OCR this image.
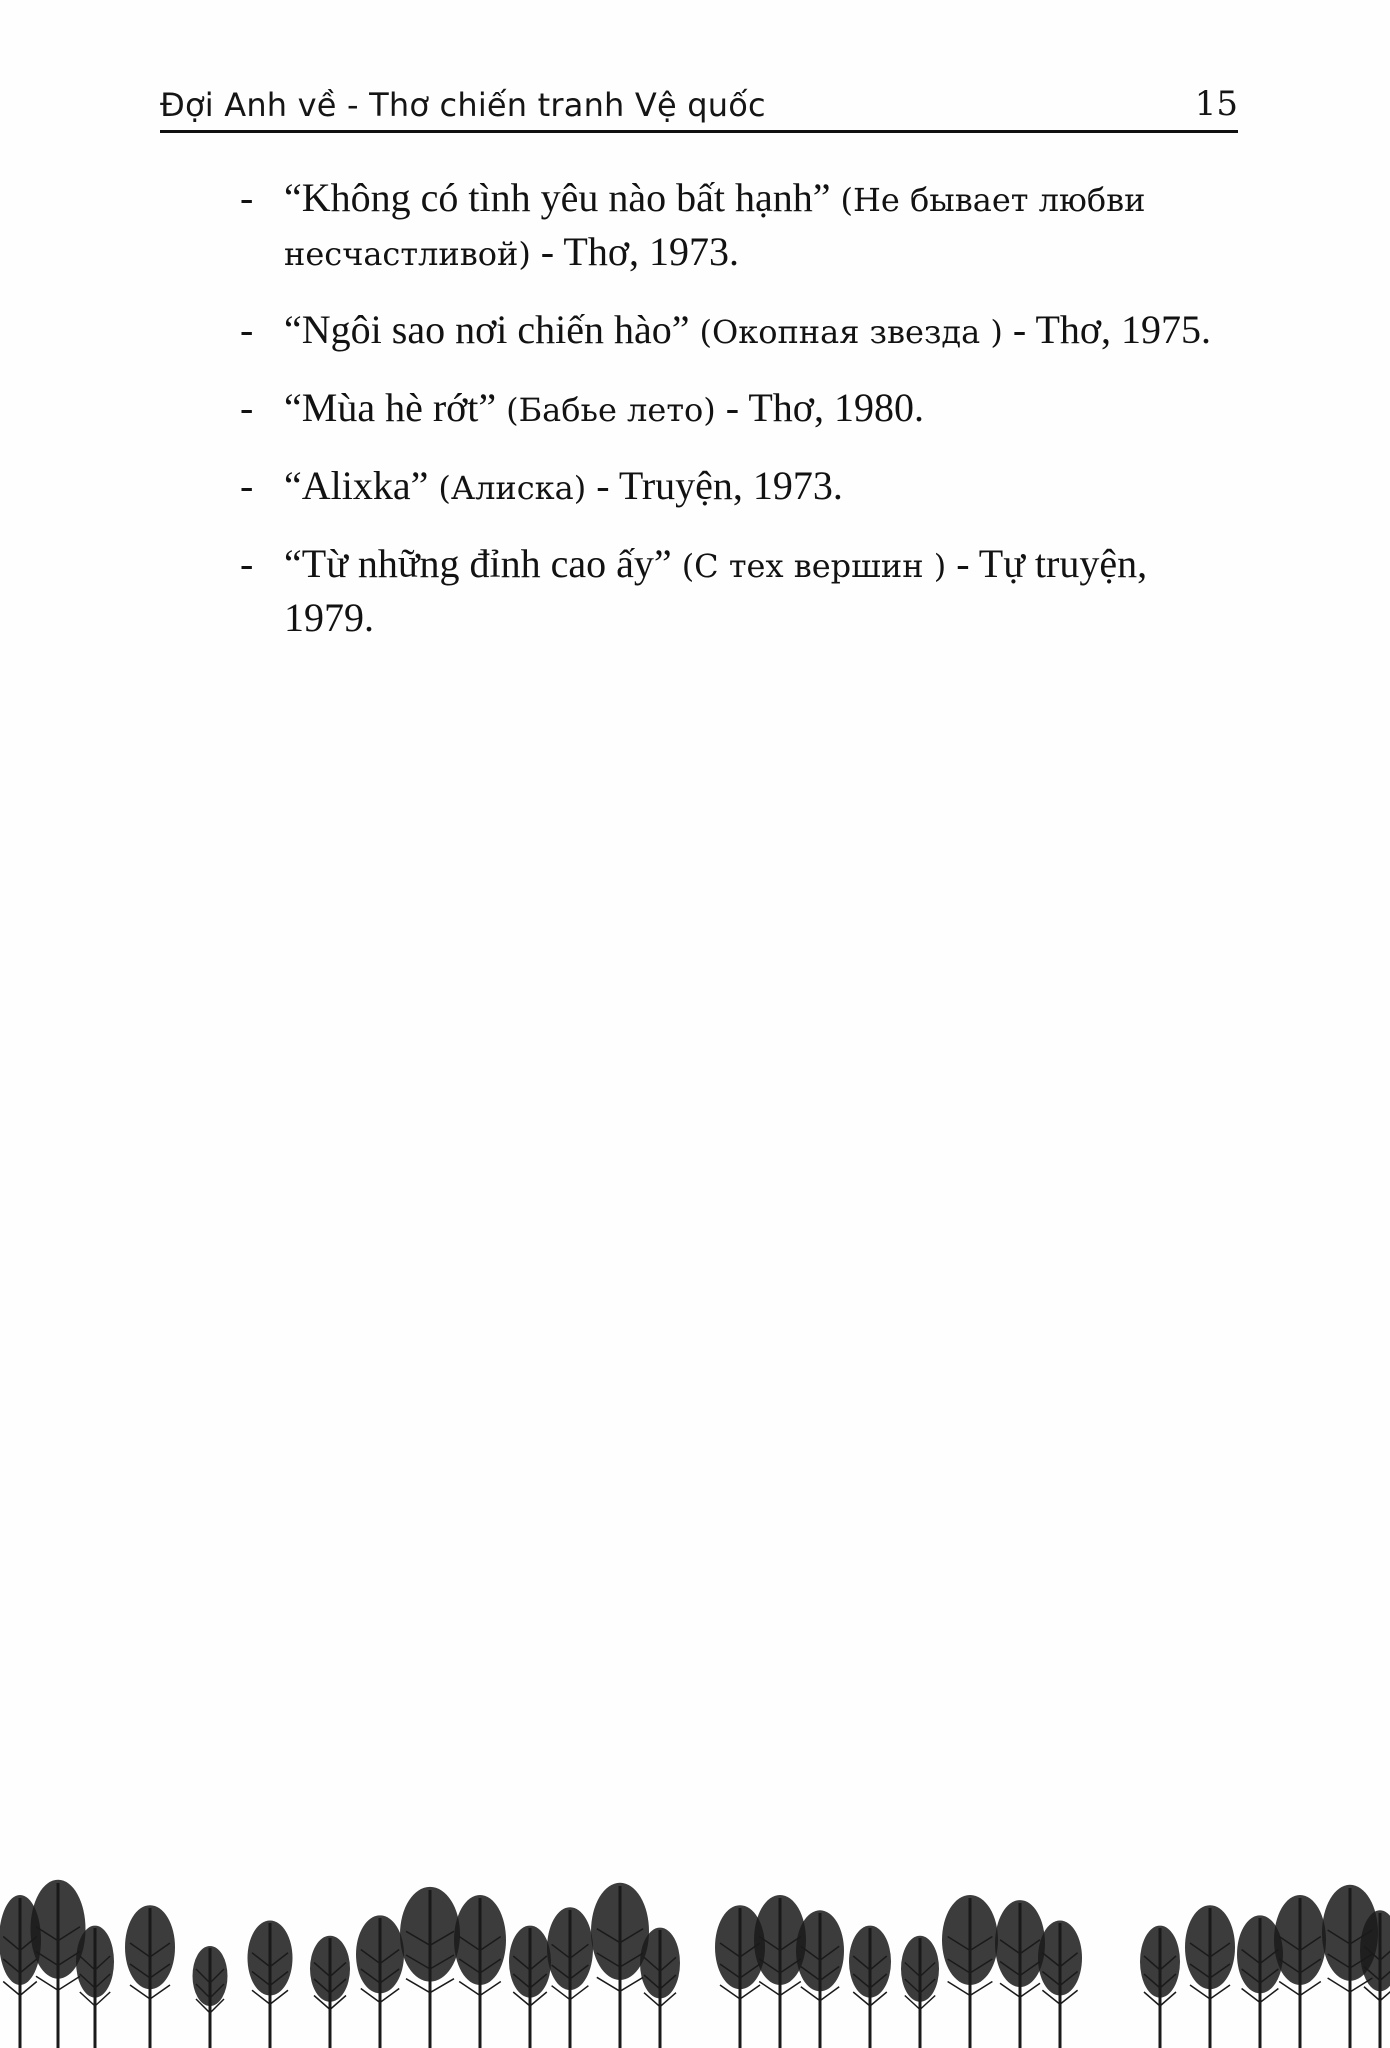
Đợi Anh về - Thơ chiến tranh Vệ quốc	15
- “Không có tình yêu nào bất hạnh” (Не бывает любви несчастливой) - Thơ, 1973.
- “Ngôi sao nơi chiến hào” (Окопная звезда ) - Thơ, 1975.
- “Mùa hè rớt” (Бабье лето) - Thơ, 1980.
- “Alixka” (Алиска) - Truyện, 1973.
- “Từ những đỉnh cao ấy” (С тех вершин ) - Tự truyện, 1979.
